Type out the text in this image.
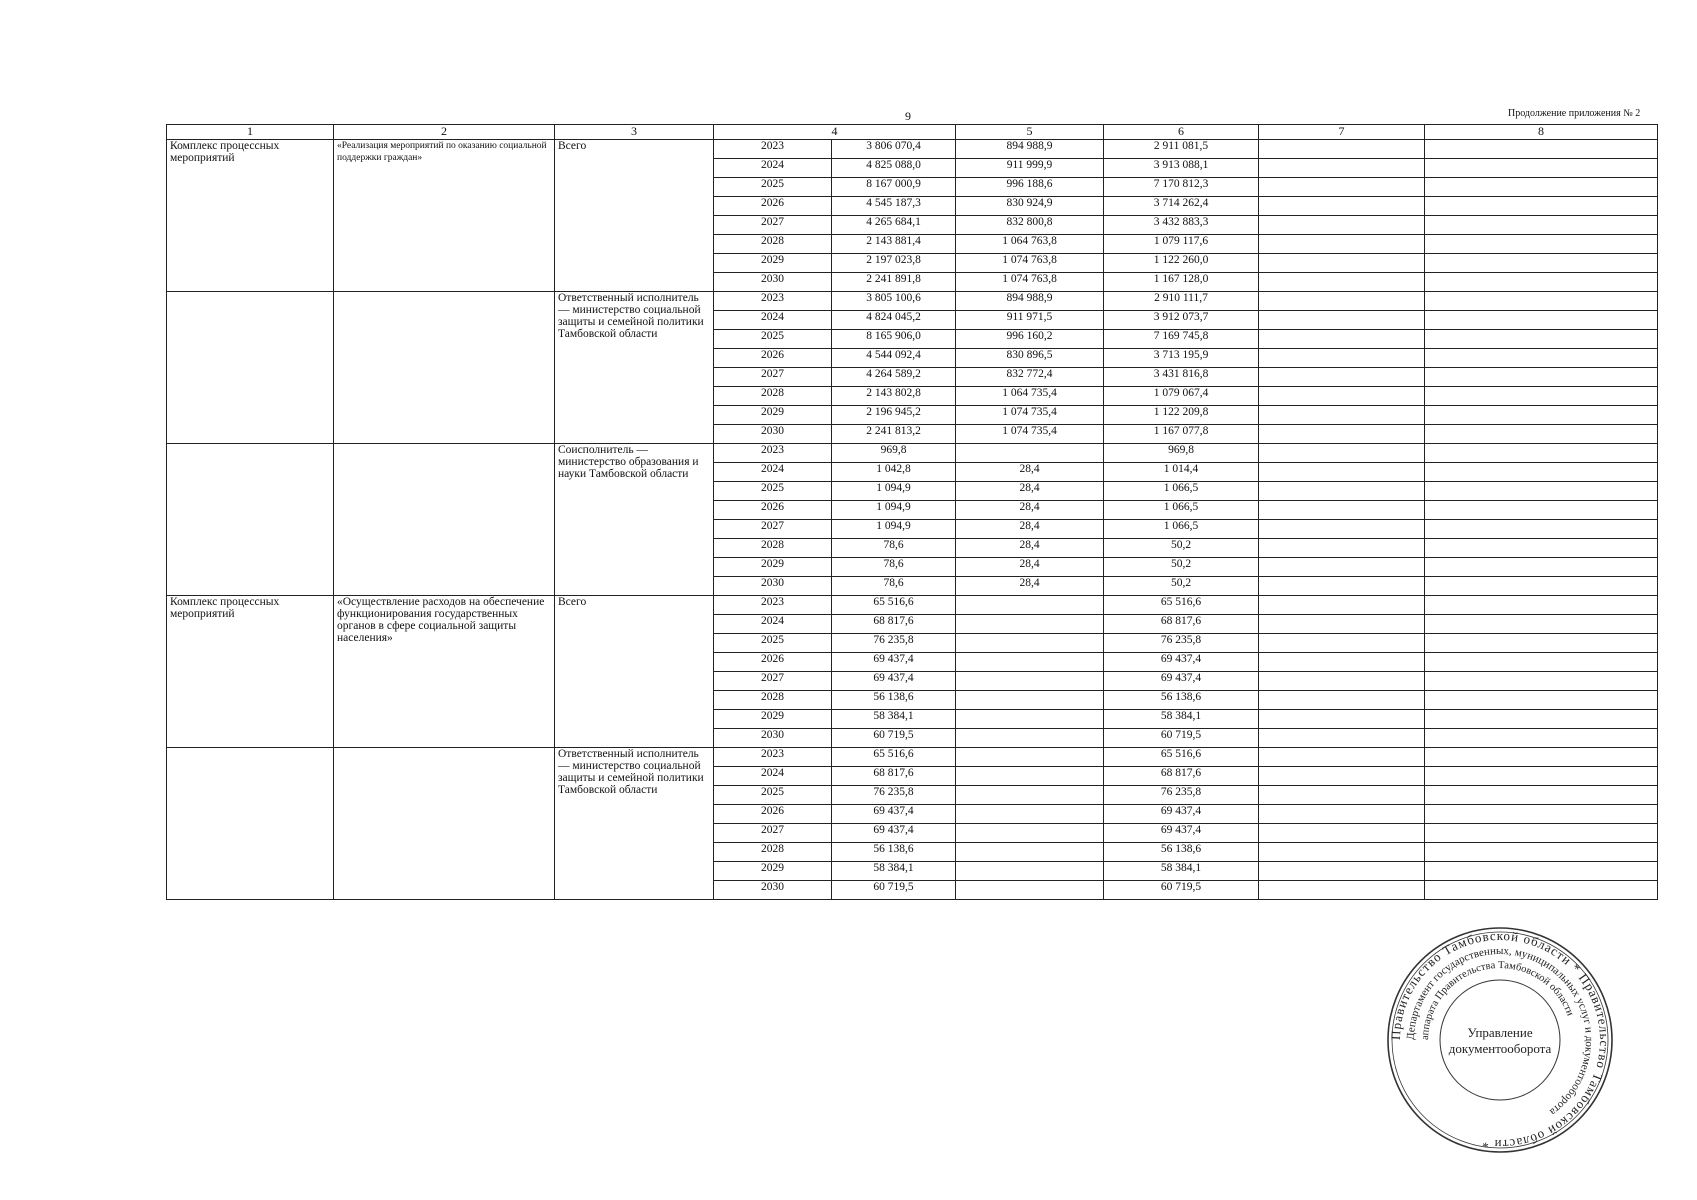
9	Продолжение приложения № 2
1	2	3	4		5	6	7	8
Комплекс процессных мероприятий	«Реализация мероприятий по оказанию социальной поддержки граждан»	Всего	2023	3 806 070,4	894 988,9	2 911 081,5		
			2024	4 825 088,0	911 999,9	3 913 088,1		
			2025	8 167 000,9	996 188,6	7 170 812,3		
			2026	4 545 187,3	830 924,9	3 714 262,4		
			2027	4 265 684,1	832 800,8	3 432 883,3		
			2028	2 143 881,4	1 064 763,8	1 079 117,6		
			2029	2 197 023,8	1 074 763,8	1 122 260,0		
			2030	2 241 891,8	1 074 763,8	1 167 128,0		
		Ответственный исполнитель — министерство социальной защиты и семейной политики Тамбовской области	2023	3 805 100,6	894 988,9	2 910 111,7		
			2024	4 824 045,2	911 971,5	3 912 073,7		
			2025	8 165 906,0	996 160,2	7 169 745,8		
			2026	4 544 092,4	830 896,5	3 713 195,9		
			2027	4 264 589,2	832 772,4	3 431 816,8		
			2028	2 143 802,8	1 064 735,4	1 079 067,4		
			2029	2 196 945,2	1 074 735,4	1 122 209,8		
			2030	2 241 813,2	1 074 735,4	1 167 077,8		
		Соисполнитель — министерство образования и науки Тамбовской области	2023	969,8		969,8		
			2024	1 042,8	28,4	1 014,4		
			2025	1 094,9	28,4	1 066,5		
			2026	1 094,9	28,4	1 066,5		
			2027	1 094,9	28,4	1 066,5		
			2028	78,6	28,4	50,2		
			2029	78,6	28,4	50,2		
			2030	78,6	28,4	50,2		
Комплекс процессных мероприятий	«Осуществление расходов на обеспечение функционирования государственных органов в сфере социальной защиты населения»	Всего	2023	65 516,6		65 516,6		
			2024	68 817,6		68 817,6		
			2025	76 235,8		76 235,8		
			2026	69 437,4		69 437,4		
			2027	69 437,4		69 437,4		
			2028	56 138,6		56 138,6		
			2029	58 384,1		58 384,1		
			2030	60 719,5		60 719,5		
		Ответственный исполнитель — министерство социальной защиты и семейной политики Тамбовской области	2023	65 516,6		65 516,6		
			2024	68 817,6		68 817,6		
			2025	76 235,8		76 235,8		
			2026	69 437,4		69 437,4		
			2027	69 437,4		69 437,4		
			2028	56 138,6		56 138,6		
			2029	58 384,1		58 384,1		
			2030	60 719,5		60 719,5		
Правительство Тамбовской области * Правительство Тамбовской области *
Департамент государственных, муниципальных услуг и документооборота
аппарата Правительства Тамбовской области
Управление
документооборота
